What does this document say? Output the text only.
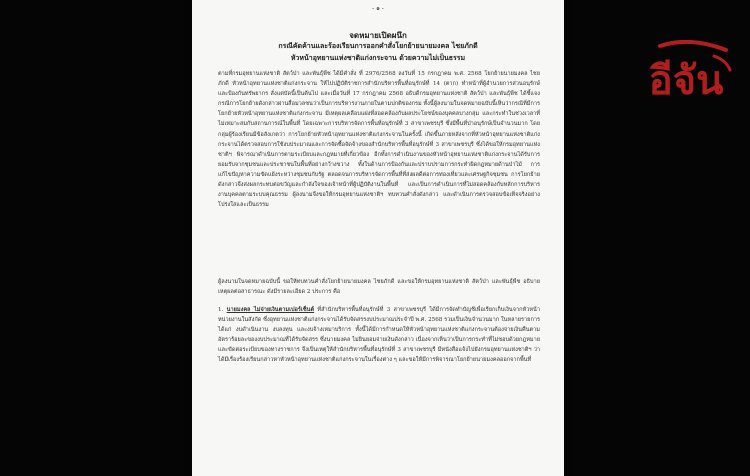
- ๑ -
จดหมายเปิดผนึก
กรณีคัดค้านและร้องเรียนการออกคำสั่งโยกย้ายนายมงคล ไชยภักดี
หัวหน้าอุทยานแห่งชาติแก่งกระจาน ด้วยความไม่เป็นธรรม
ตามที่กรมอุทยานแห่งชาติ สัตว์ป่า และพันธุ์พืช ได้มีคำสั่ง ที่ 2976/2568 ลงวันที่ 15 กรกฎาคม พ.ศ. 2568 โยกย้ายนายมงคล ไชยภักดี หัวหน้าอุทยานแห่งชาติแก่งกระจาน ให้ไปปฏิบัติราชการสำนักบริหารพื้นที่อนุรักษ์ที่ 14 (ตาก) ทำหน้าที่ผู้อำนวยการส่วนอนุรักษ์และป้องกันทรัพยากร สั่งแต่บัดนี้เป็นต้นไป และเมื่อวันที่ 17 กรกฎาคม 2568 อธิบดีกรมอุทยานแห่งชาติ สัตว์ป่า และพันธุ์พืช ได้ชี้แจงกรณีการโยกย้ายดังกล่าวผ่านสื่อมวลชนว่าเป็นการบริหารงานภายในตามปกติของกรม ทั้งนี้ผู้ลงนามในจดหมายฉบับนี้เห็นว่ากรณีที่มีการโยกย้ายหัวหน้าอุทยานแห่งชาติแก่งกระจาน มีเหตุผลเคลือบแฝงที่สอดคล้องกับผลประโยชน์ของบุคคลบางกลุ่ม และกระทำในช่วงเวลาที่ไม่เหมาะสมกับสถานการณ์ในพื้นที่ โดยเฉพาะการบริหารจัดการพื้นที่อนุรักษ์ที่ 3 สาขาเพชรบุรี ซึ่งมีพื้นที่ป่าอนุรักษ์เป็นจำนวนมาก โดยกลุ่มผู้ร้องเรียนมีข้อสังเกตว่า การโยกย้ายหัวหน้าอุทยานแห่งชาติแก่งกระจานในครั้งนี้ เกิดขึ้นภายหลังจากที่หัวหน้าอุทยานแห่งชาติแก่งกระจานได้ตรวจสอบการใช้งบประมาณและการจัดซื้อจัดจ้างของสำนักบริหารพื้นที่อนุรักษ์ที่ 3 สาขาเพชรบุรี ซึ่งได้ขอให้กรมอุทยานแห่งชาติฯ พิจารณาดำเนินการตามระเบียบและกฎหมายที่เกี่ยวข้อง อีกทั้งการดำเนินงานของหัวหน้าอุทยานแห่งชาติแก่งกระจานได้รับการยอมรับจากชุมชนและประชาชนในพื้นที่อย่างกว้างขวาง ทั้งในด้านการป้องกันและปราบปรามการกระทำผิดกฎหมายด้านป่าไม้ การแก้ไขปัญหาความขัดแย้งระหว่างชุมชนกับรัฐ ตลอดจนการบริหารจัดการพื้นที่ที่ส่งผลดีต่อการท่องเที่ยวและเศรษฐกิจชุมชน การโยกย้ายดังกล่าวจึงส่งผลกระทบต่อขวัญและกำลังใจของเจ้าหน้าที่ผู้ปฏิบัติงานในพื้นที่ และเป็นการดำเนินการที่ไม่สอดคล้องกับหลักการบริหารงานบุคคลตามระบบคุณธรรม ผู้ลงนามจึงขอให้กรมอุทยานแห่งชาติฯ ทบทวนคำสั่งดังกล่าว และดำเนินการตรวจสอบข้อเท็จจริงอย่างโปร่งใสและเป็นธรรม
ผู้ลงนามในจดหมายฉบับนี้ ขอให้ทบทวนคำสั่งโยกย้ายนายมงคล ไชยภักดี และขอให้กรมอุทยานแห่งชาติ สัตว์ป่า และพันธุ์พืช อธิบายเหตุผลต่อสาธารณะ ดังมีรายละเอียด 2 ประการ คือ
1. นายมงคล ไม่จ่ายเงินตามเปอร์เซ็นต์ ที่สำนักบริหารพื้นที่อนุรักษ์ที่ 3 สาขาเพชรบุรี ได้มีการจัดทำบัญชีเพื่อเรียกเก็บเงินจากหัวหน้าหน่วยงานในสังกัด ซึ่งอุทยานแห่งชาติแก่งกระจานได้รับจัดสรรงบประมาณประจำปี พ.ศ. 2568 รวมเป็นเงินจำนวนมาก ในหลายรายการ ได้แก่ งบดำเนินงาน งบลงทุน และงบจ้างเหมาบริการ ทั้งนี้ได้มีการกำหนดให้หัวหน้าอุทยานแห่งชาติแก่งกระจานต้องจ่ายเงินคืนตามอัตราร้อยละของงบประมาณที่ได้รับจัดสรร ซึ่งนายมงคล ไม่ยินยอมจ่ายเงินดังกล่าว เนื่องจากเห็นว่าเป็นการกระทำที่ไม่ชอบด้วยกฎหมาย และขัดต่อระเบียบของทางราชการ จึงเป็นเหตุให้สำนักบริหารพื้นที่อนุรักษ์ที่ 3 สาขาเพชรบุรี มีหนังสือแจ้งไปยังกรมอุทยานแห่งชาติฯ ว่าได้มีเรื่องร้องเรียนกล่าวหาหัวหน้าอุทยานแห่งชาติแก่งกระจานในเรื่องต่าง ๆ และขอให้มีการพิจารณาโยกย้ายนายมงคลออกจากพื้นที่
อีจัน
